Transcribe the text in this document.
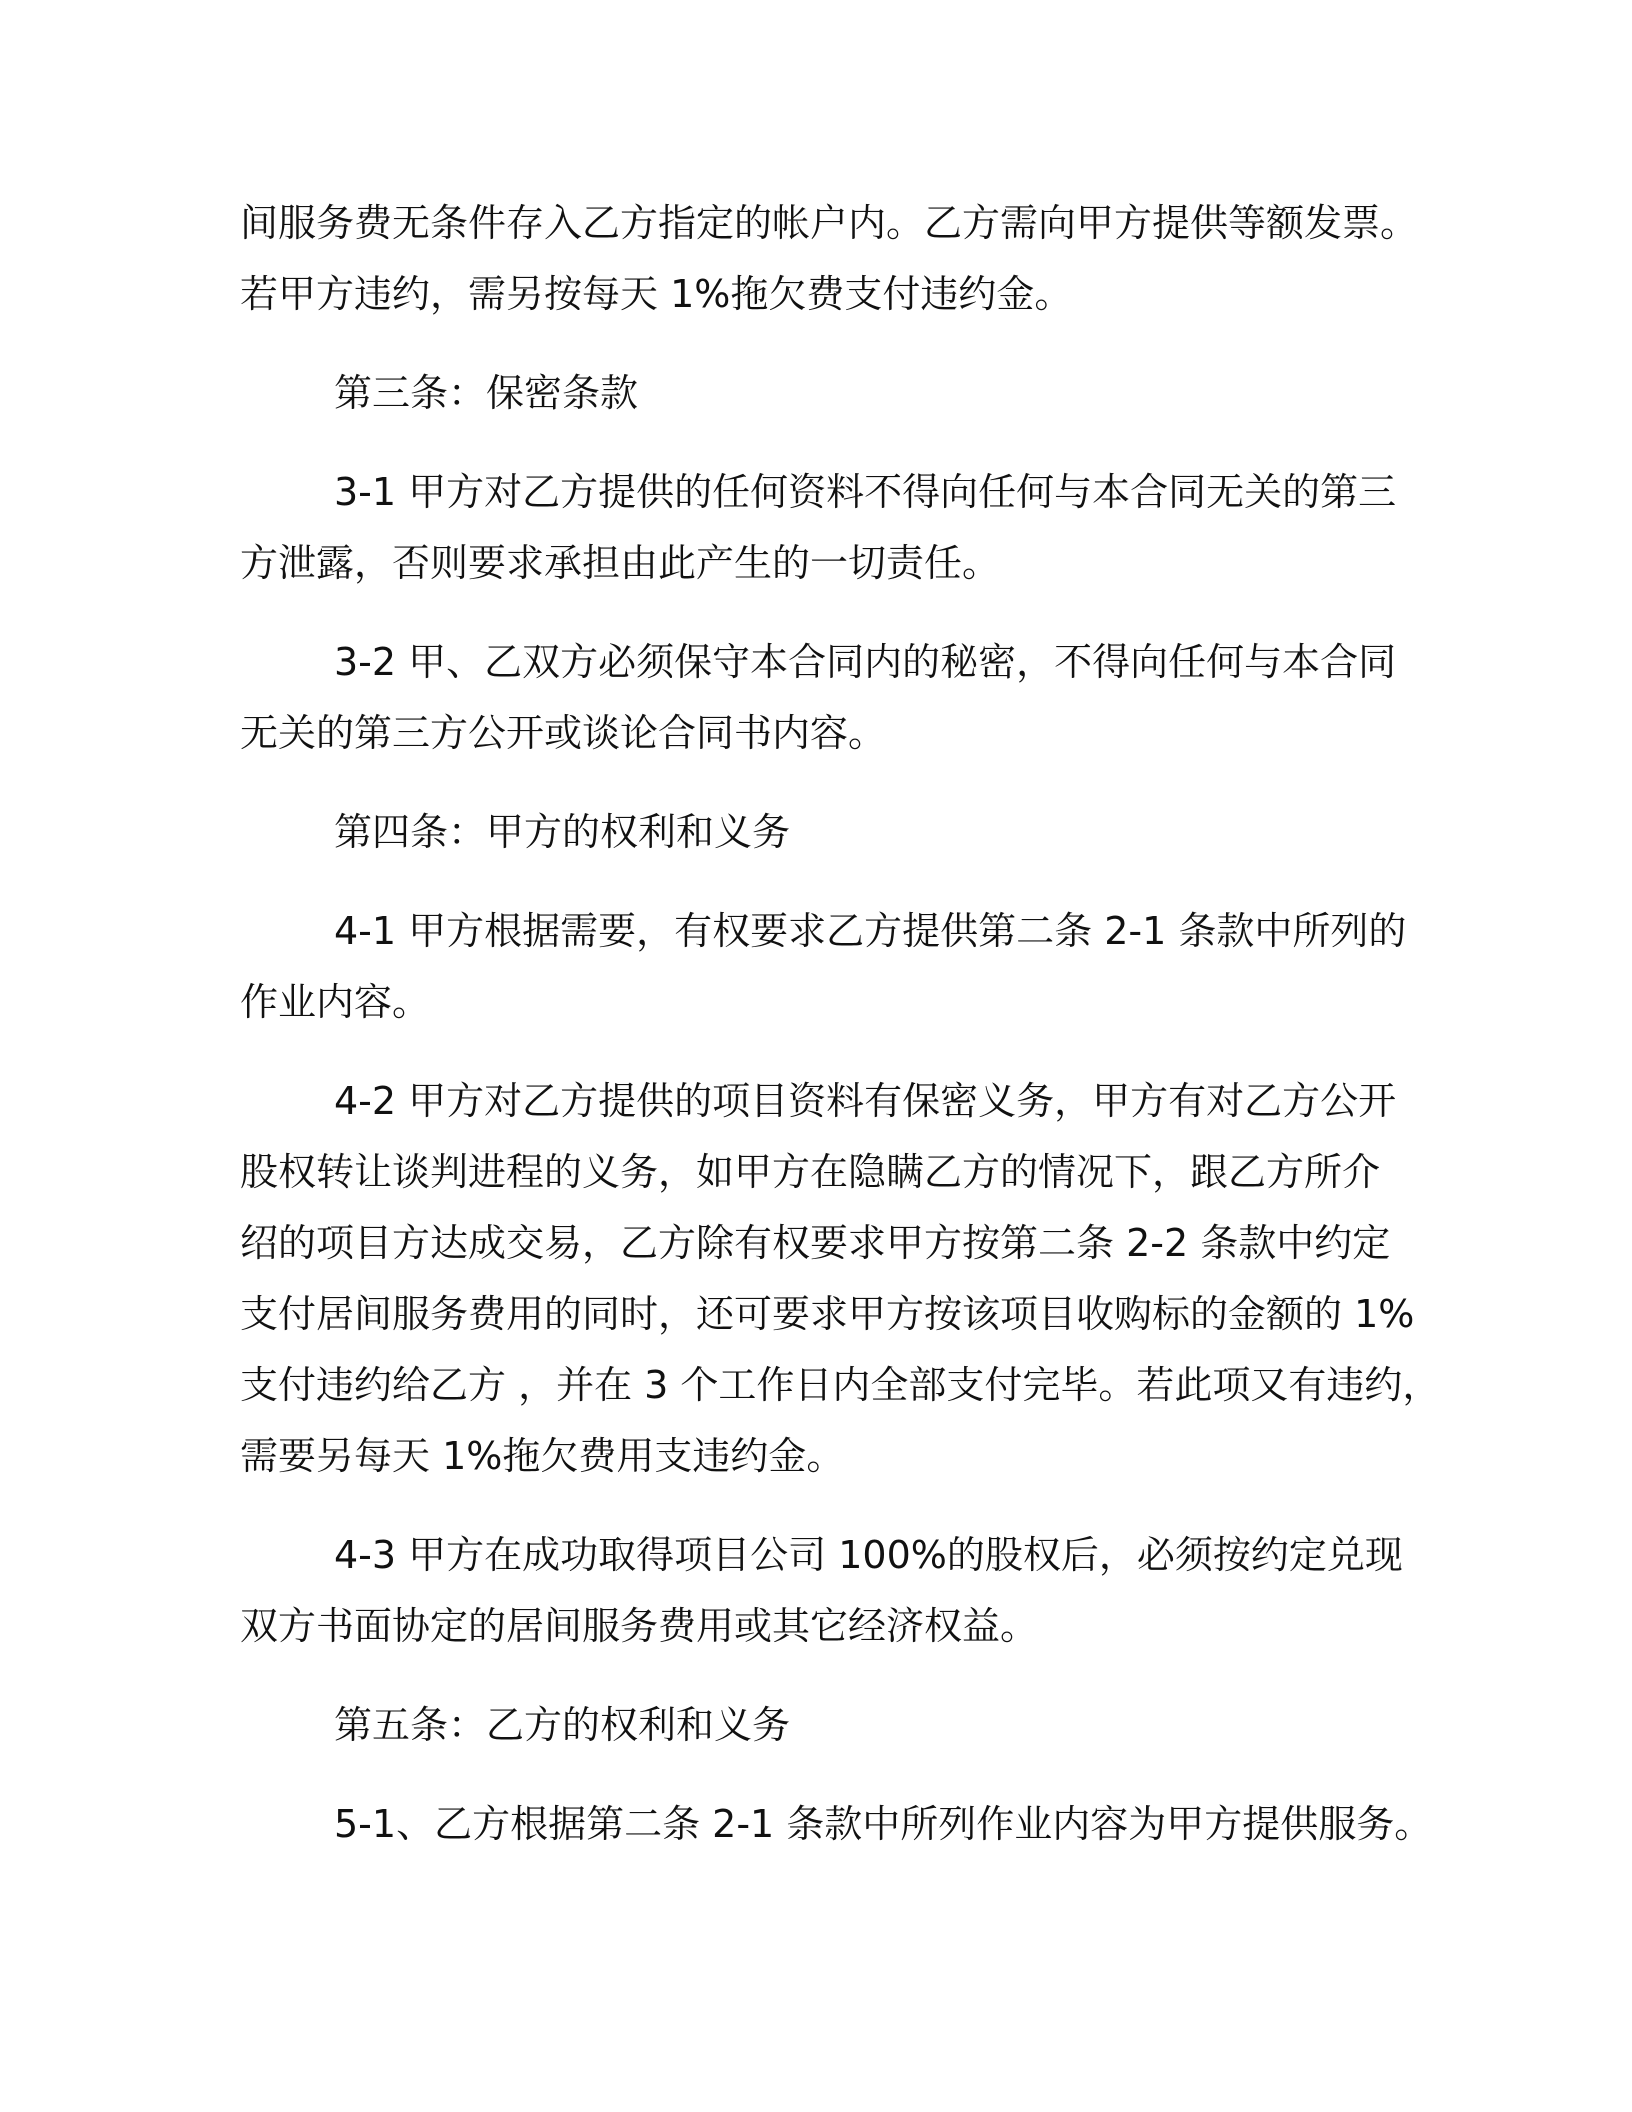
间服务费无条件存入乙方指定的帐户内。乙方需向甲方提供等额发票。
若甲方违约，需另按每天 1%拖欠费支付违约金。
第三条：保密条款
3-1 甲方对乙方提供的任何资料不得向任何与本合同无关的第三
方泄露，否则要求承担由此产生的一切责任。
3-2 甲、乙双方必须保守本合同内的秘密，不得向任何与本合同
无关的第三方公开或谈论合同书内容。
第四条：甲方的权利和义务
4-1 甲方根据需要，有权要求乙方提供第二条 2-1 条款中所列的
作业内容。
4-2 甲方对乙方提供的项目资料有保密义务，甲方有对乙方公开
股权转让谈判进程的义务，如甲方在隐瞒乙方的情况下，跟乙方所介
绍的项目方达成交易，乙方除有权要求甲方按第二条 2-2 条款中约定
支付居间服务费用的同时，还可要求甲方按该项目收购标的金额的 1%
支付违约给乙方 ，并在 3 个工作日内全部支付完毕。若此项又有违约，
需要另每天 1%拖欠费用支违约金。
4-3 甲方在成功取得项目公司 100%的股权后，必须按约定兑现
双方书面协定的居间服务费用或其它经济权益。
第五条：乙方的权利和义务
5-1、乙方根据第二条 2-1 条款中所列作业内容为甲方提供服务。
